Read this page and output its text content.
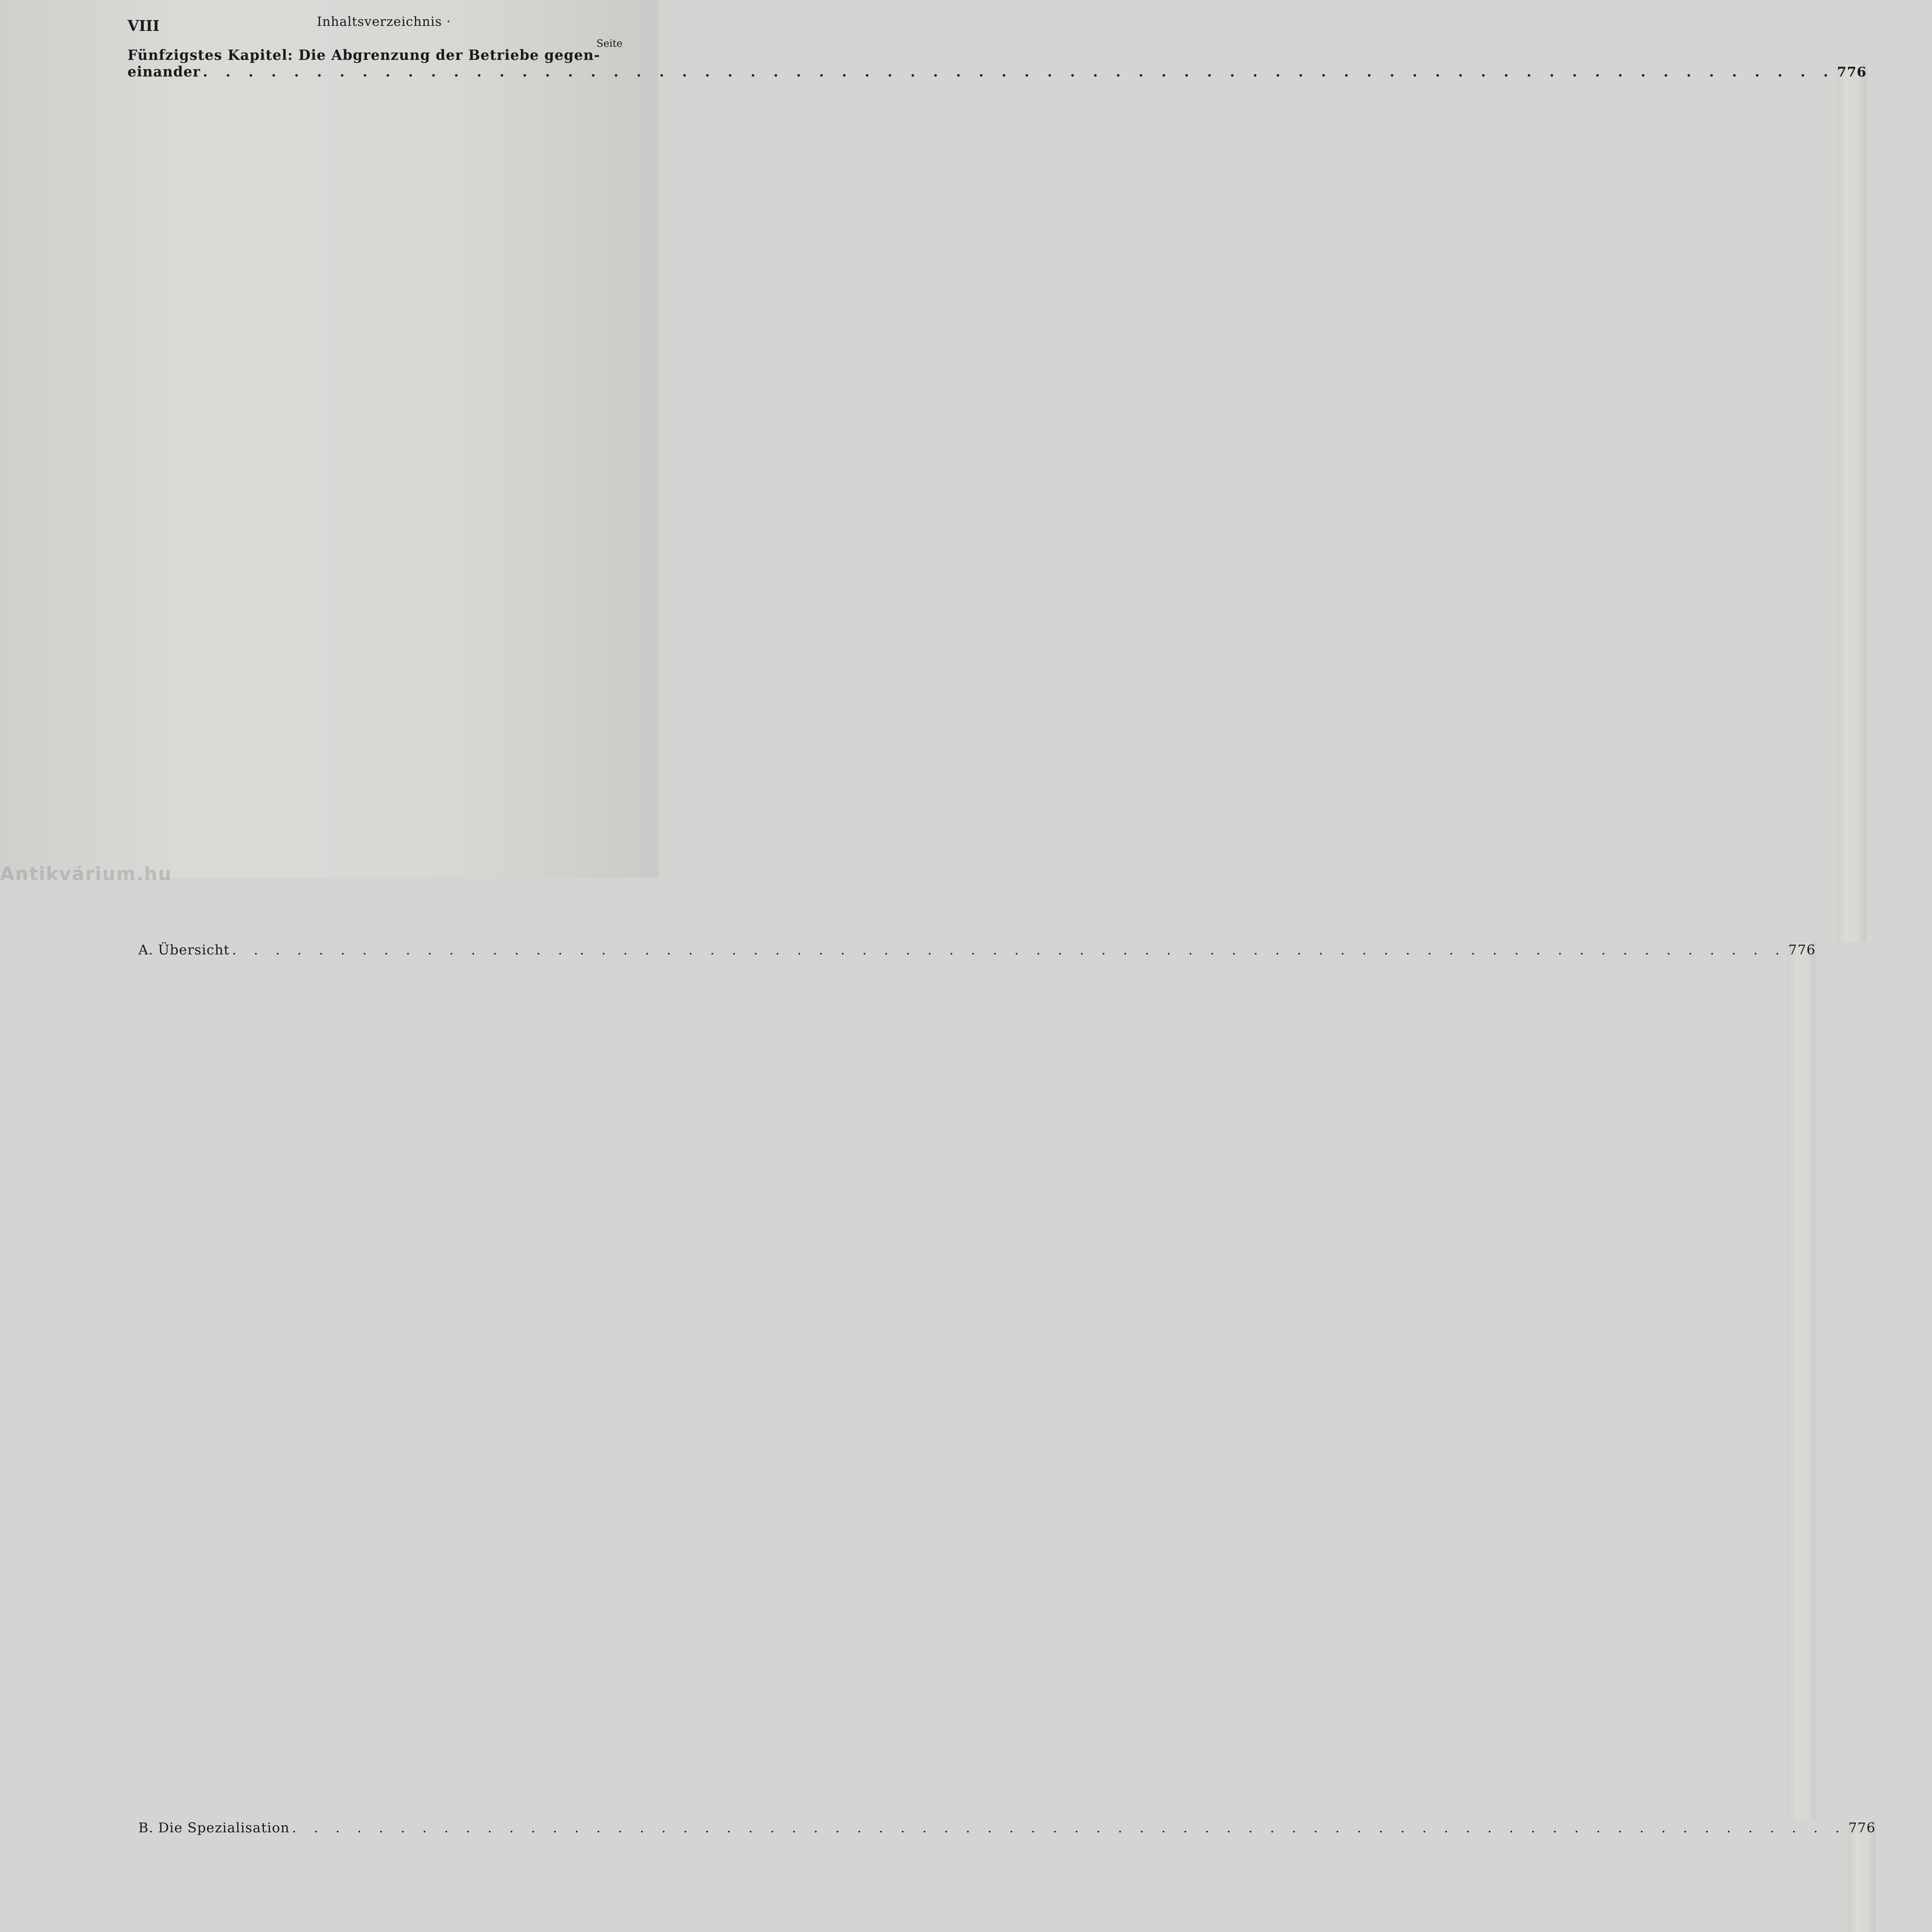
VIII	Inhaltsverzeichnis ·
Seite
Fünfzigstes Kapitel: Die Abgrenzung der Betriebe gegen-
einander . . .	776
A. Übersicht . . .	776
B. Die Spezialisation . . .	776
Antikvárium.hu
